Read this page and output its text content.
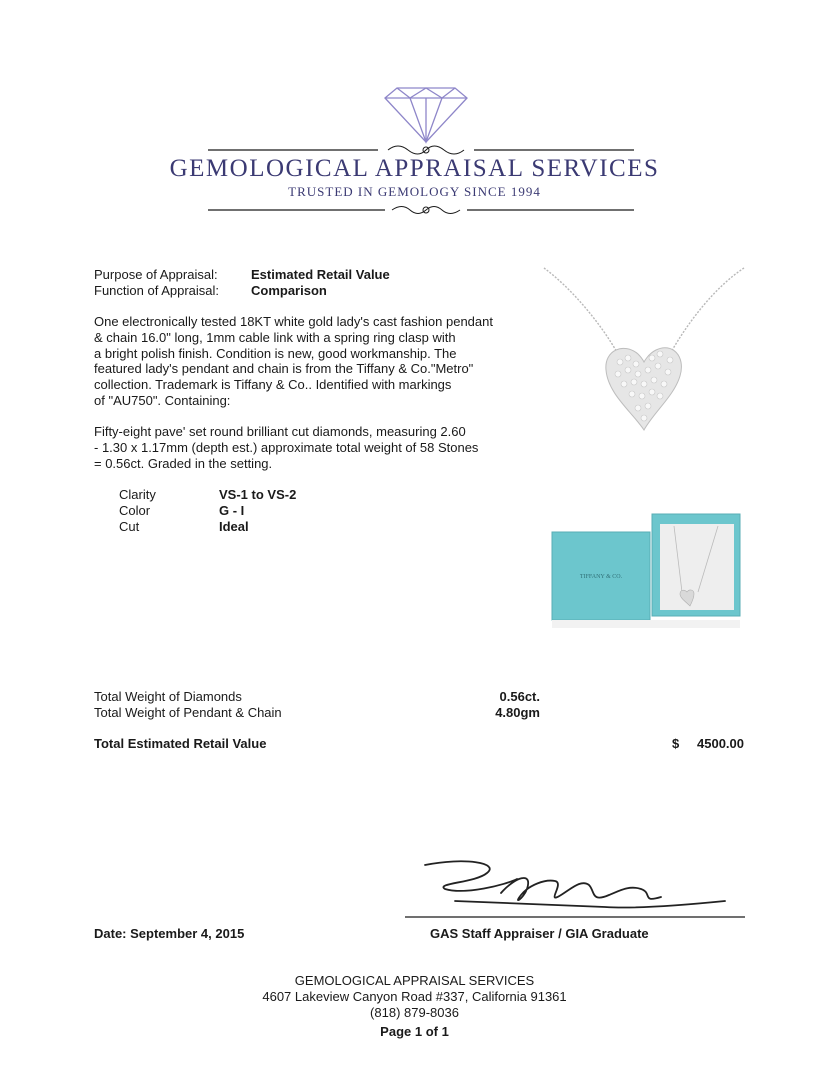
GEMOLOGICAL APPRAISAL SERVICES
TRUSTED IN GEMOLOGY SINCE 1994
Purpose of Appraisal:	Estimated Retail Value
Function of Appraisal: Comparison
One electronically tested 18KT white gold lady's cast fashion pendant
& chain 16.0" long, 1mm cable link with a spring ring clasp with
a bright polish finish. Condition is new, good workmanship. The
featured lady's pendant and chain is from the Tiffany & Co."Metro"
collection. Trademark is Tiffany & Co.. Identified with markings
of "AU750". Containing:
Fifty-eight pave' set round brilliant cut diamonds, measuring 2.60
- 1.30 x 1.17mm (depth est.) approximate total weight of 58 Stones
= 0.56ct. Graded in the setting.
Clarity	VS-1 to VS-2
Color	G - I
Cut	Ideal
TIFFANY & CO.
Total Weight of Diamonds	0.56ct.
Total Weight of Pendant & Chain	4.80gm
Total Estimated Retail Value	$	4500.00
Date: September 4, 2015	GAS Staff Appraiser / GIA Graduate
GEMOLOGICAL APPRAISAL SERVICES
4607 Lakeview Canyon Road #337, California 91361
(818) 879-8036
Page 1 of 1
